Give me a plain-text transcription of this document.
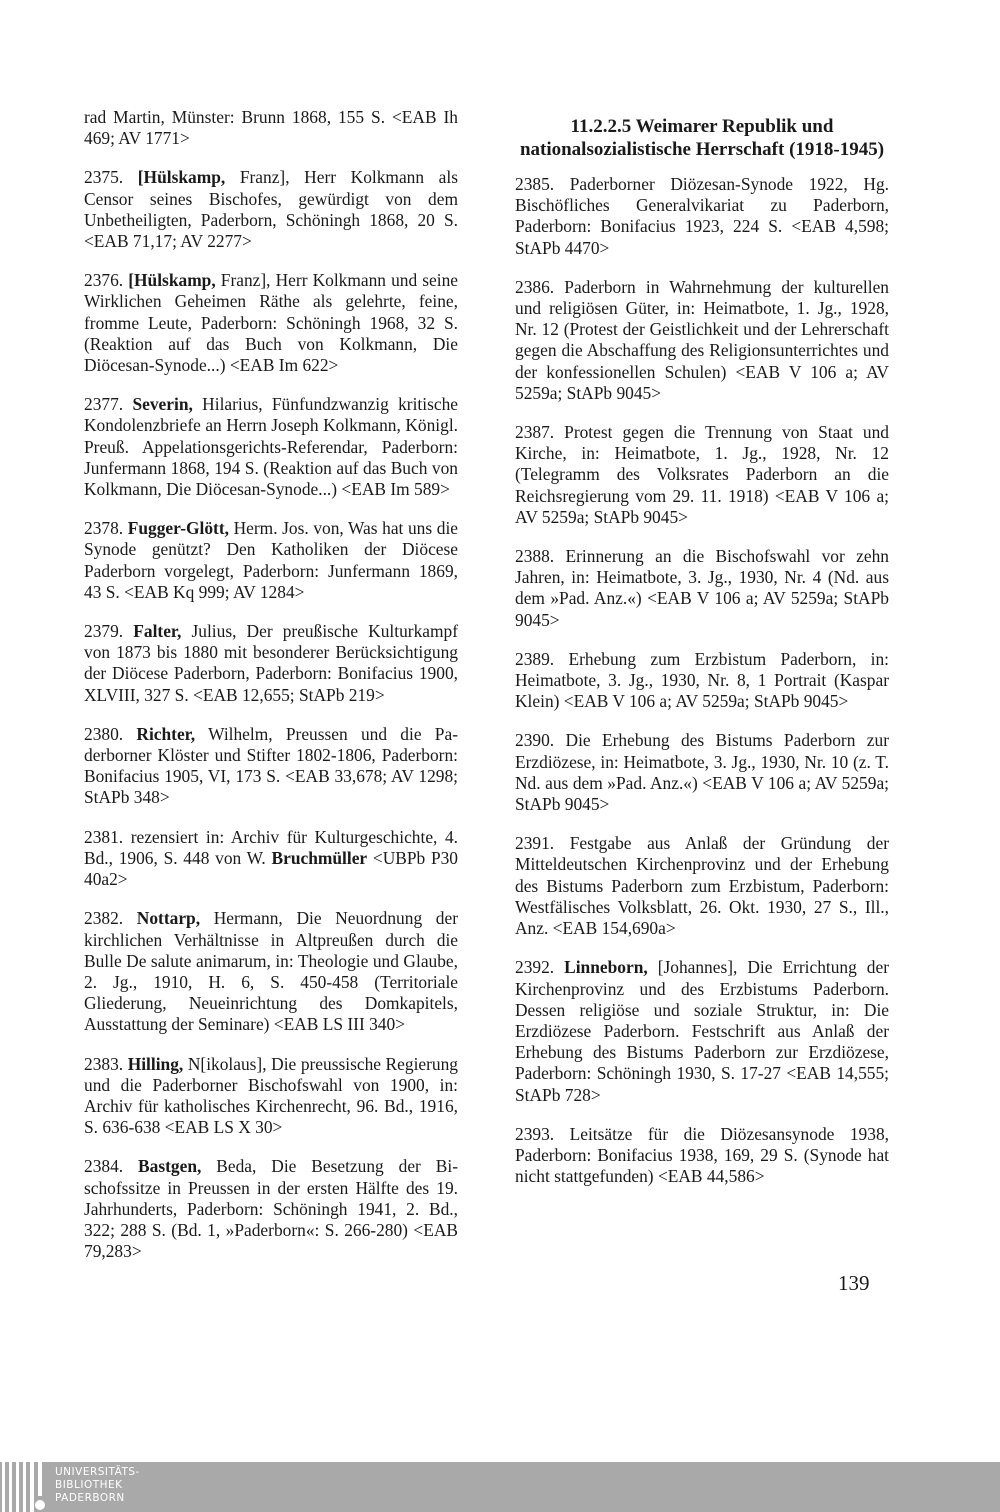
rad Martin, Münster: Brunn 1868, 155 S. <EAB Ih 469; AV 1771>

2375. [Hülskamp, Franz], Herr Kolkmann als Censor seines Bischofes, gewürdigt von dem Unbetheiligten, Paderborn, Schöningh 1868, 20 S. <EAB 71,17; AV 2277>

2376. [Hülskamp, Franz], Herr Kolkmann und seine Wirklichen Geheimen Räthe als gelehrte, feine, fromme Leute, Paderborn: Schöningh 1968, 32 S. (Reaktion auf das Buch von Kolkmann, Die Diöcesan-Synode...) <EAB Im 622>

2377. Severin, Hilarius, Fünfundzwanzig kritische Kondolenzbriefe an Herrn Joseph Kolkmann, Königl. Preuß. Appelationsgerichts-Referendar, Paderborn: Junfermann 1868, 194 S. (Reaktion auf das Buch von Kolkmann, Die Diöcesan-Synode...) <EAB Im 589>

2378. Fugger-Glött, Herm. Jos. von, Was hat uns die Synode genützt? Den Katholiken der Diöcese Paderborn vorgelegt, Paderborn: Junfermann 1869, 43 S. <EAB Kq 999; AV 1284>

2379. Falter, Julius, Der preußische Kulturkampf von 1873 bis 1880 mit besonderer Berücksichtigung der Diöcese Paderborn, Paderborn: Bonifacius 1900, XLVIII, 327 S. <EAB 12,655; StAPb 219>

2380. Richter, Wilhelm, Preussen und die Paderborner Klöster und Stifter 1802-1806, Paderborn: Bonifacius 1905, VI, 173 S. <EAB 33,678; AV 1298; StAPb 348>

2381. rezensiert in: Archiv für Kulturgeschichte, 4. Bd., 1906, S. 448 von W. Bruchmüller <UBPb P30 40a2>

2382. Nottarp, Hermann, Die Neuordnung der kirchlichen Verhältnisse in Altpreußen durch die Bulle De salute animarum, in: Theologie und Glaube, 2. Jg., 1910, H. 6, S. 450-458 (Territoriale Gliederung, Neueinrichtung des Domkapitels, Ausstattung der Seminare) <EAB LS III 340>

2383. Hilling, N[ikolaus], Die preussische Regierung und die Paderborner Bischofswahl von 1900, in: Archiv für katholisches Kirchenrecht, 96. Bd., 1916, S. 636-638 <EAB LS X 30>

2384. Bastgen, Beda, Die Besetzung der Bischofssitze in Preussen in der ersten Hälfte des 19. Jahrhunderts, Paderborn: Schöningh 1941, 2. Bd., 322; 288 S. (Bd. 1, »Paderborn«: S. 266-280) <EAB 79,283>

11.2.2.5 Weimarer Republik und nationalsozialistische Herrschaft (1918-1945)

2385. Paderborner Diözesan-Synode 1922, Hg. Bischöfliches Generalvikariat zu Paderborn, Paderborn: Bonifacius 1923, 224 S. <EAB 4,598; StAPb 4470>

2386. Paderborn in Wahrnehmung der kulturellen und religiösen Güter, in: Heimatbote, 1. Jg., 1928, Nr. 12 (Protest der Geistlichkeit und der Lehrerschaft gegen die Abschaffung des Religionsunterrichtes und der konfessionellen Schulen) <EAB V 106 a; AV 5259a; StAPb 9045>

2387. Protest gegen die Trennung von Staat und Kirche, in: Heimatbote, 1. Jg., 1928, Nr. 12 (Telegramm des Volksrates Paderborn an die Reichsregierung vom 29. 11. 1918) <EAB V 106 a; AV 5259a; StAPb 9045>

2388. Erinnerung an die Bischofswahl vor zehn Jahren, in: Heimatbote, 3. Jg., 1930, Nr. 4 (Nd. aus dem »Pad. Anz.«) <EAB V 106 a; AV 5259a; StAPb 9045>

2389. Erhebung zum Erzbistum Paderborn, in: Heimatbote, 3. Jg., 1930, Nr. 8, 1 Portrait (Kaspar Klein) <EAB V 106 a; AV 5259a; StAPb 9045>

2390. Die Erhebung des Bistums Paderborn zur Erzdiözese, in: Heimatbote, 3. Jg., 1930, Nr. 10 (z. T. Nd. aus dem »Pad. Anz.«) <EAB V 106 a; AV 5259a; StAPb 9045>

2391. Festgabe aus Anlaß der Gründung der Mitteldeutschen Kirchenprovinz und der Erhebung des Bistums Paderborn zum Erzbistum, Paderborn: Westfälisches Volksblatt, 26. Okt. 1930, 27 S., Ill., Anz. <EAB 154,690a>

2392. Linneborn, [Johannes], Die Errichtung der Kirchenprovinz und des Erzbistums Paderborn. Dessen religiöse und soziale Struktur, in: Die Erzdiözese Paderborn. Festschrift aus Anlaß der Erhebung des Bistums Paderborn zur Erzdiözese, Paderborn: Schöningh 1930, S. 17-27 <EAB 14,555; StAPb 728>

2393. Leitsätze für die Diözesansynode 1938, Paderborn: Bonifacius 1938, 169, 29 S. (Synode hat nicht stattgefunden) <EAB 44,586>

139
UNIVERSITÄTS-
BIBLIOTHEK
PADERBORN
